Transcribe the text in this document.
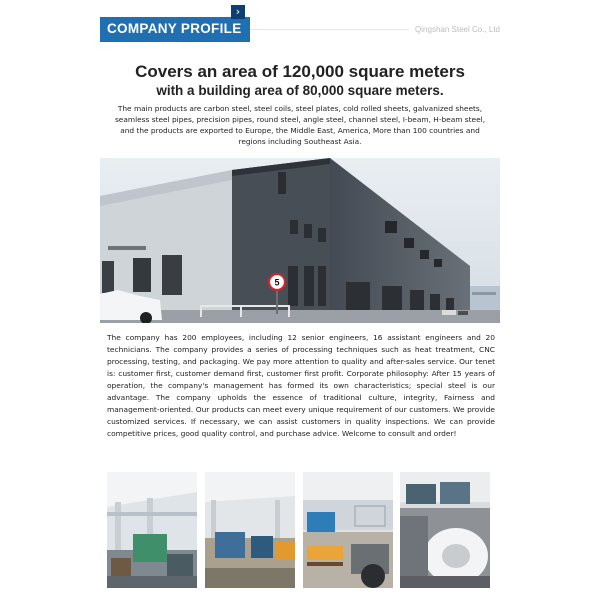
COMPANY PROFILE	Qingshan Steel Co., Ltd
›
Covers an area of 120,000 square meters
with a building area of 80,000 square meters.
The main products are carbon steel, steel coils, steel plates, cold rolled sheets, galvanized sheets, seamless steel pipes, precision pipes, round steel, angle steel, channel steel, I-beam, H-beam steel, and the products are exported to Europe, the Middle East, America, More than 100 countries and regions including Southeast Asia.
5
The company has 200 employees, including 12 senior engineers, 16 assistant engineers and 20 technicians. The company provides a series of processing techniques such as heat treatment, CNC processing, testing, and packaging. We pay more attention to quality and after-sales service. Our tenet is: customer first, customer demand first, customer first profit. Corporate philosophy: After 15 years of operation, the company's management has formed its own characteristics; special steel is our advantage. The company upholds the essence of traditional culture, integrity, Fairness and management-oriented. Our products can meet every unique requirement of our customers. We provide customized services. If necessary, we can assist customers in quality inspections. We can provide competitive prices, good quality control, and purchase advice. Welcome to consult and order!
